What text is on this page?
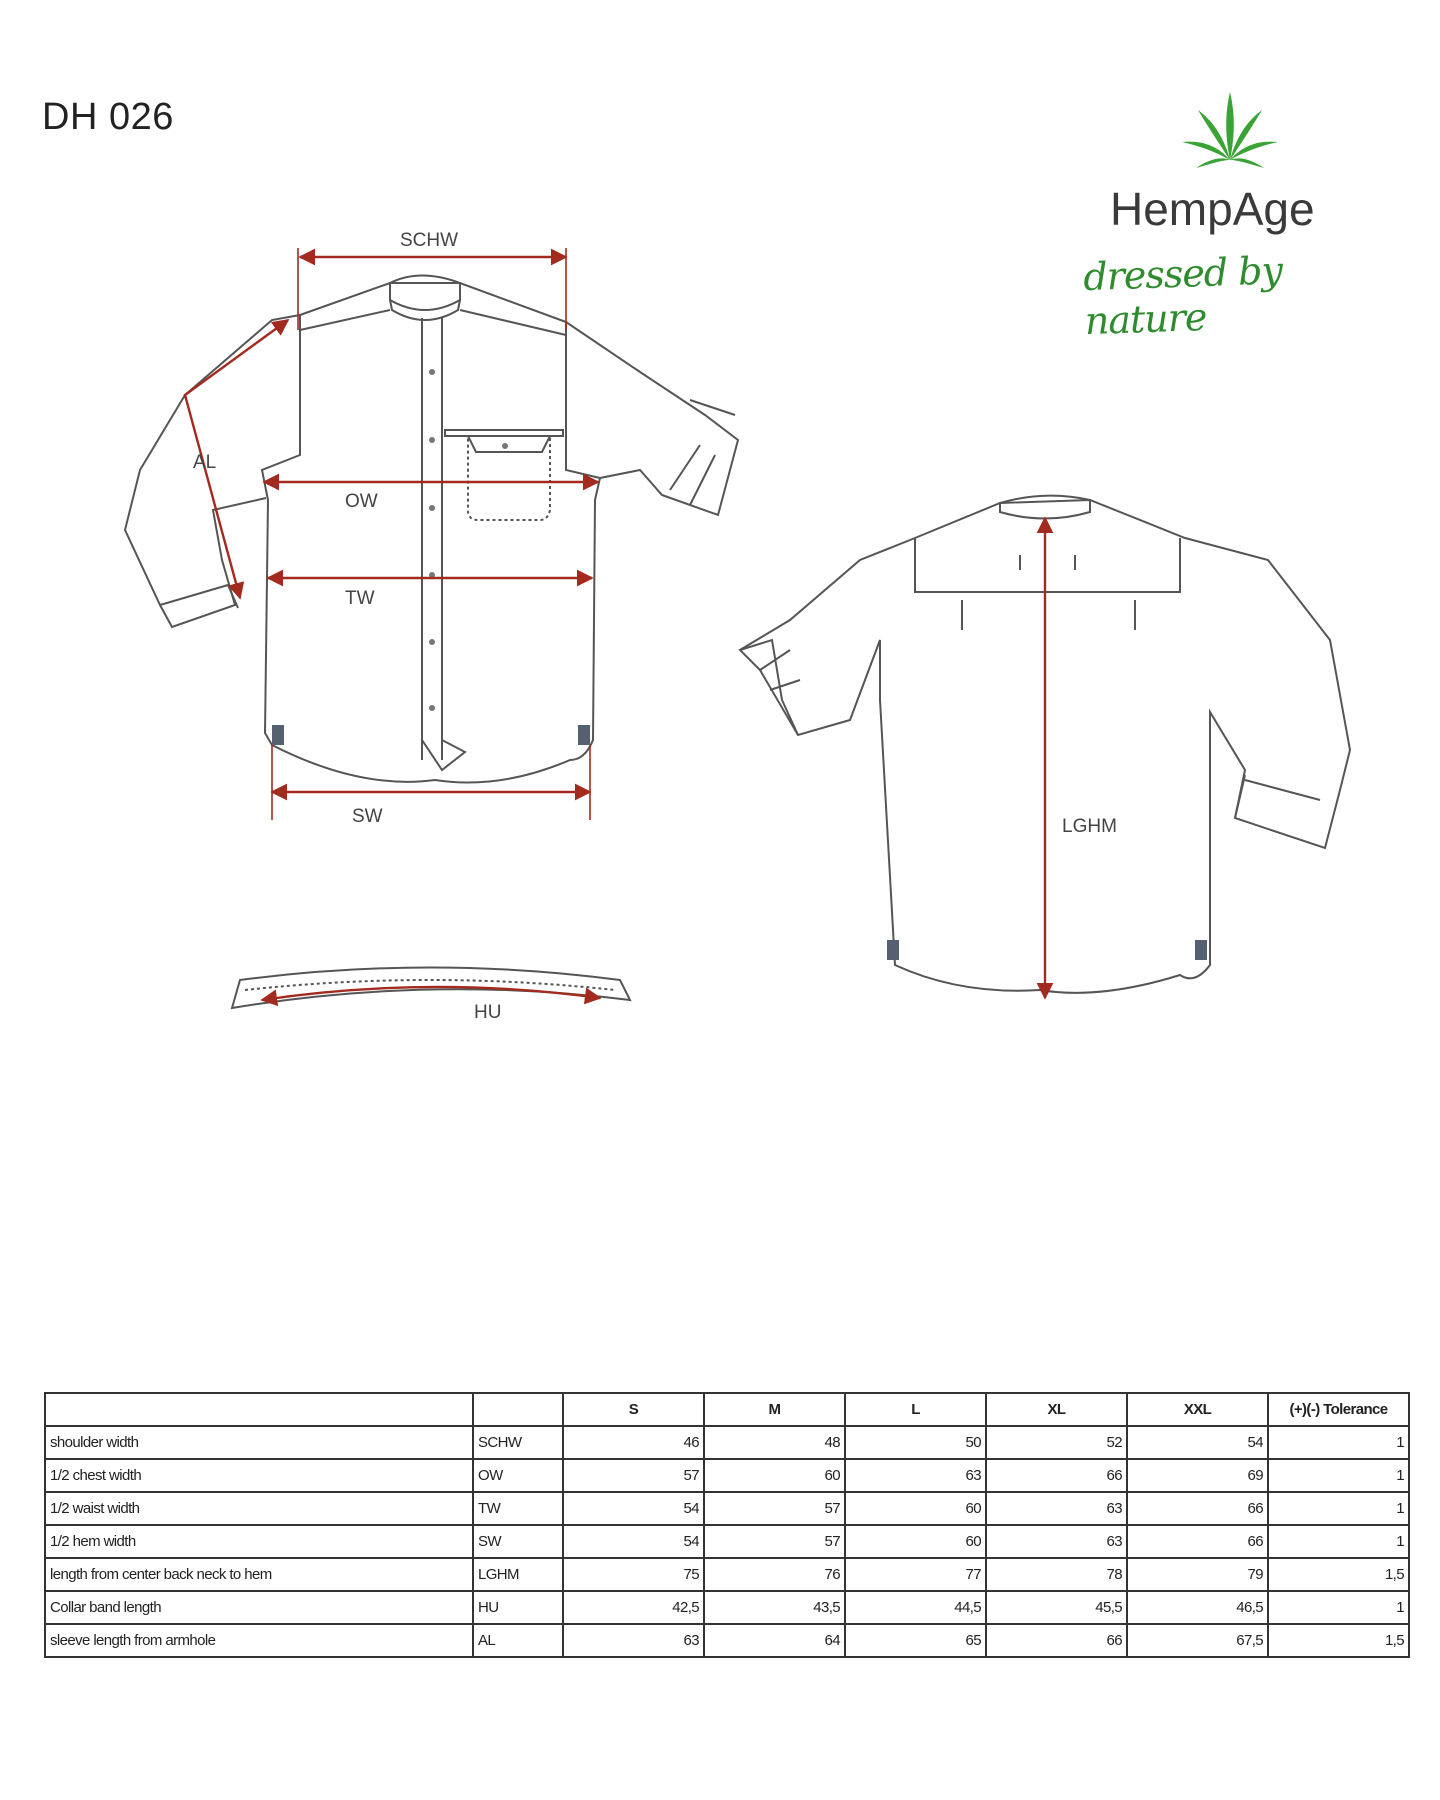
DH 026
HempAge
dressed by nature
SCHW
AL
OW
TW
SW
HU
LGHM
		S	M	L	XL	XXL	(+)(-) Tolerance
shoulder width	SCHW	46	48	50	52	54	1
1/2 chest width	OW	57	60	63	66	69	1
1/2 waist width	TW	54	57	60	63	66	1
1/2 hem width	SW	54	57	60	63	66	1
length from center back neck to hem	LGHM	75	76	77	78	79	1,5
Collar band length	HU	42,5	43,5	44,5	45,5	46,5	1
sleeve length from armhole	AL	63	64	65	66	67,5	1,5
